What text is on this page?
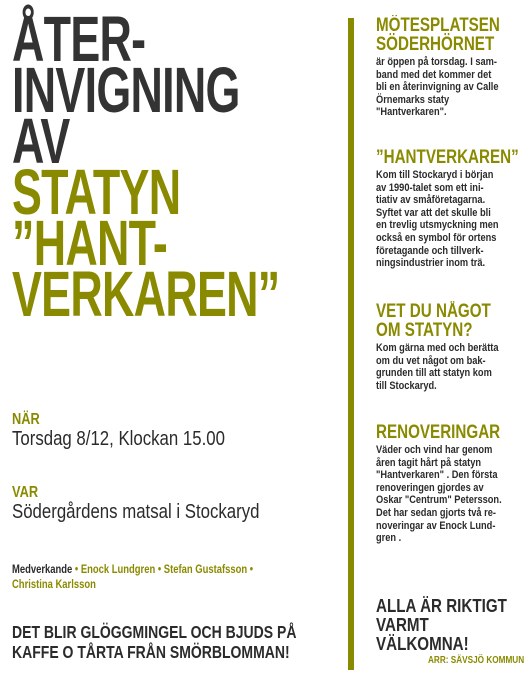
ÅTER-
INVIGNING
AV
STATYN
”HANT-
VERKAREN”
NÄR
Torsdag 8/12, Klockan 15.00
VAR
Södergårdens matsal i Stockaryd
Medverkande • Enock Lundgren • Stefan Gustafsson •
Christina Karlsson
DET BLIR GLÖGGMINGEL OCH BJUDS PÅ
KAFFE O TÅRTA FRÅN SMÖRBLOMMAN!
MÖTESPLATSEN
SÖDERHÖRNET

är öppen på torsdag. I sam-
band med det kommer det
bli en återinvigning av Calle
Örnemarks staty
"Hantverkaren".

”HANTVERKAREN”

Kom till Stockaryd i början
av 1990-talet som ett ini-
tiativ av småföretagarna.
Syftet var att det skulle bli
en trevlig utsmyckning men
också en symbol för ortens
företagande och tillverk-
ningsindustrier inom trä.

VET DU NÅGOT
OM STATYN?

Kom gärna med och berätta
om du vet något om bak-
grunden till att statyn kom
till Stockaryd.

RENOVERINGAR

Väder och vind har genom
åren tagit hårt på statyn
"Hantverkaren" . Den första
renoveringen gjordes av
Oskar "Centrum" Petersson.
Det har sedan gjorts två re-
noveringar av Enock Lund-
gren .

ALLA ÄR RIKTIGT
VARMT
VÄLKOMNA!
ARR: SÄVSJÖ KOMMUN
